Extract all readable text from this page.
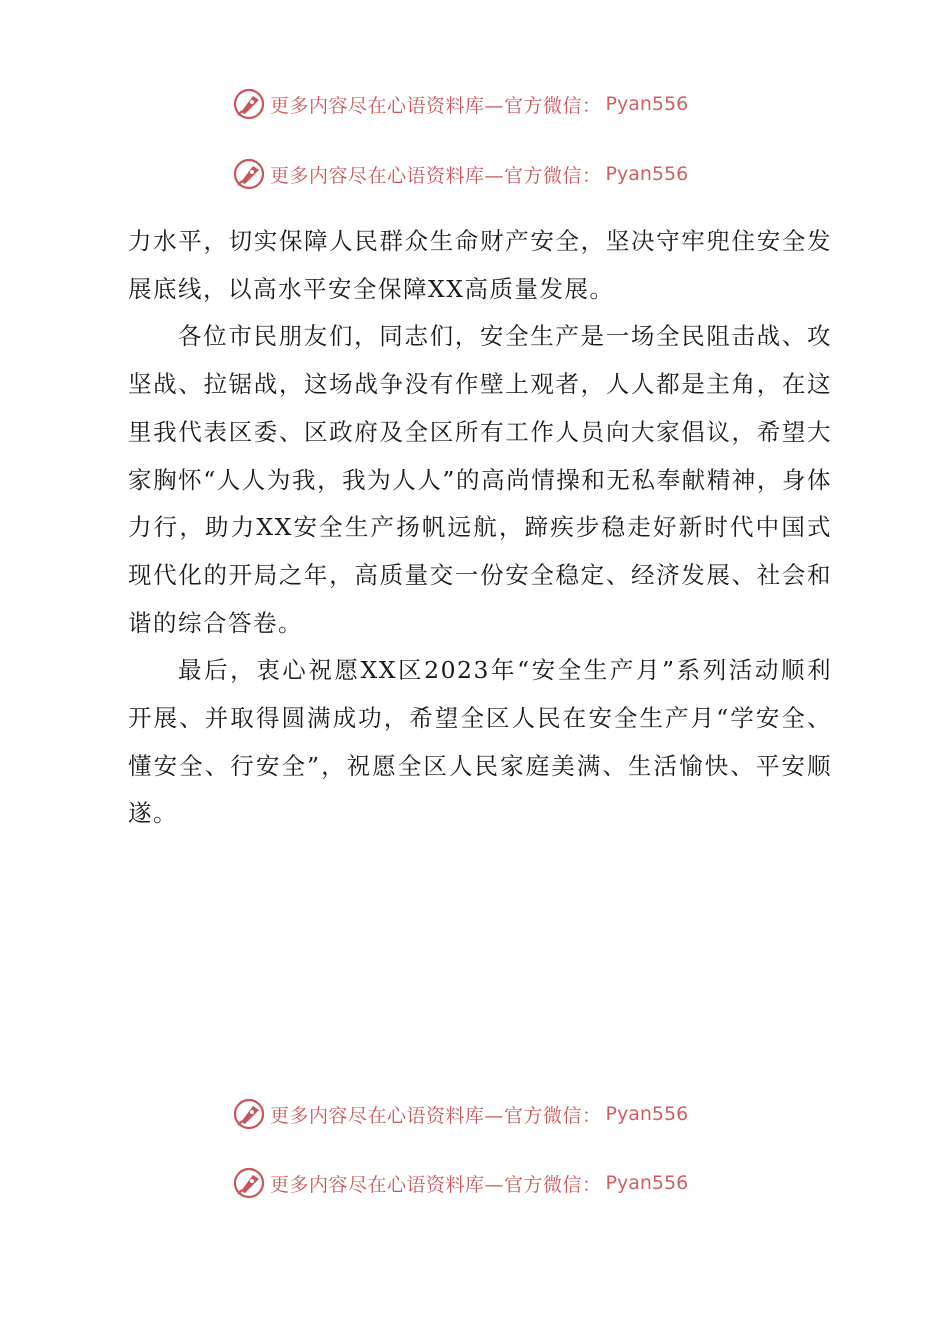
更多内容尽在心语资料库—官方微信： Pyan556
更多内容尽在心语资料库—官方微信： Pyan556

力水平，切实保障人民群众生命财产安全，坚决守牢兜住安全发展底线，以高水平安全保障XX高质量发展。

各位市民朋友们，同志们，安全生产是一场全民阻击战、攻坚战、拉锯战，这场战争没有作壁上观者，人人都是主角，在这里我代表区委、区政府及全区所有工作人员向大家倡议，希望大家胸怀“人人为我，我为人人”的高尚情操和无私奉献精神，身体力行，助力XX安全生产扬帆远航，蹄疾步稳走好新时代中国式现代化的开局之年，高质量交一份安全稳定、经济发展、社会和谐的综合答卷。

最后，衷心祝愿XX区2023年“安全生产月”系列活动顺利开展、并取得圆满成功，希望全区人民在安全生产月“学安全、懂安全、行安全”，祝愿全区人民家庭美满、生活愉快、平安顺遂。

更多内容尽在心语资料库—官方微信： Pyan556
更多内容尽在心语资料库—官方微信： Pyan556
